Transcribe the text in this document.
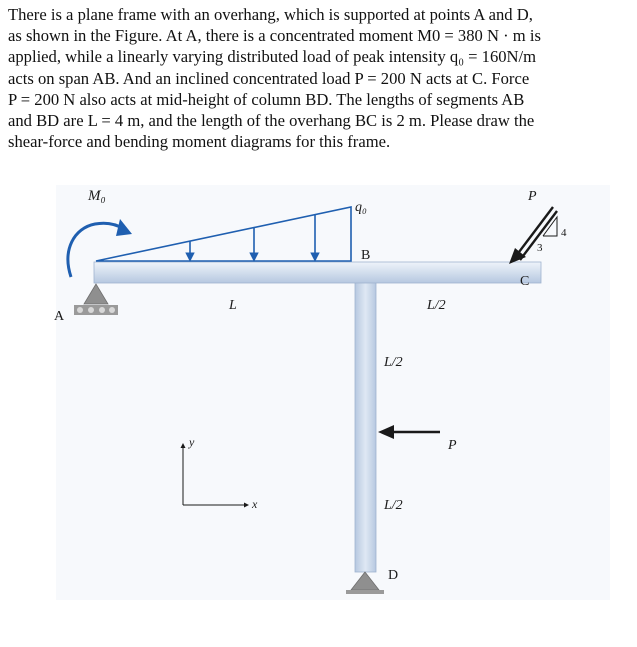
There is a plane frame with an overhang, which is supported at points A and D,
as shown in the Figure. At A, there is a concentrated moment M0 = 380 N · m is
applied, while a linearly varying distributed load of peak intensity q₀ = 160N/m
acts on span AB. And an inclined concentrated load P = 200 N acts at C. Force
P = 200 N also acts at mid-height of column BD. The lengths of segments AB
and BD are L = 4 m, and the length of the overhang BC is 2 m. Please draw the
shear-force and bending moment diagrams for this frame.
M₀
q₀
A
B
C
D
L	L/2
L/2
L/2
P
P
4
3
x
y
